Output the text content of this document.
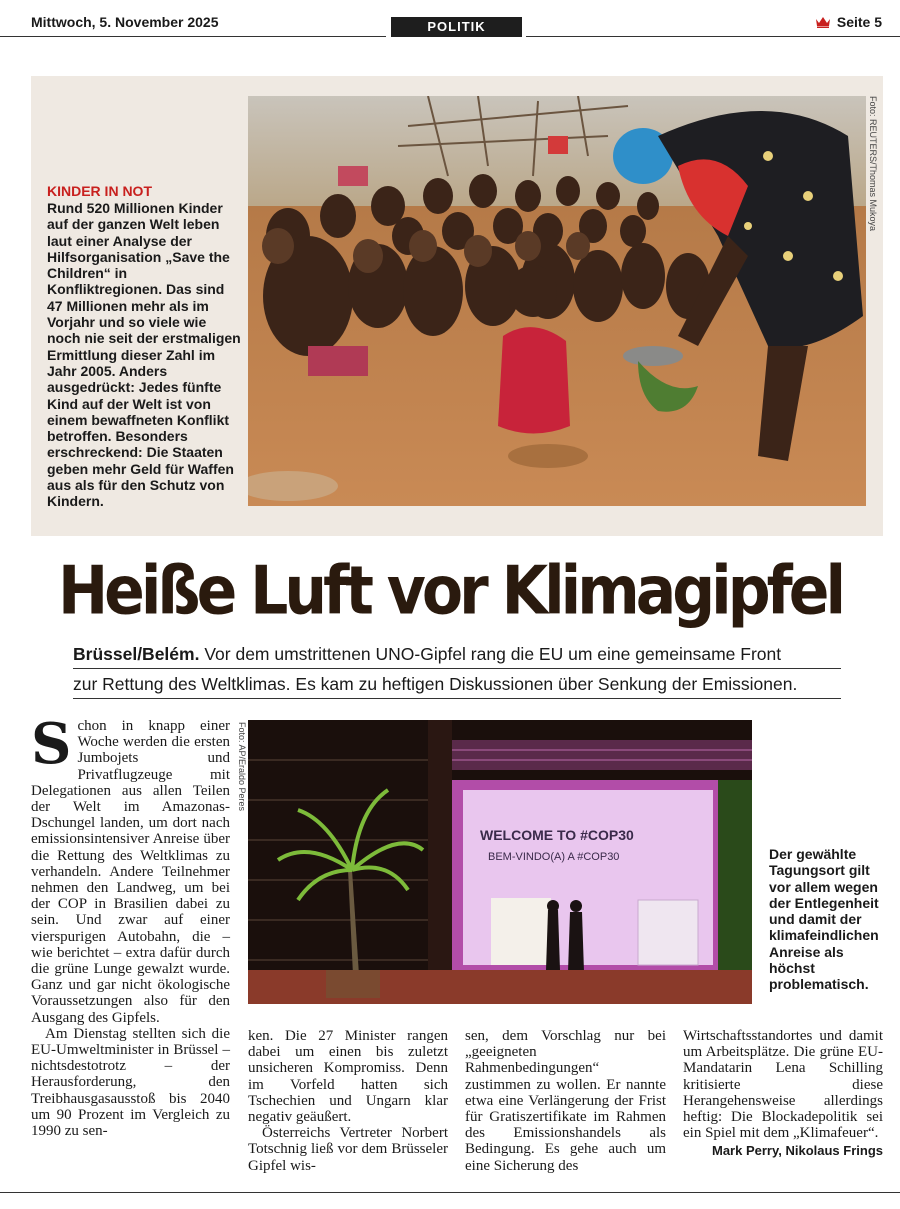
Mittwoch, 5. November 2025	POLITIK	Seite 5
KINDER IN NOT
Rund 520 Millionen Kinder auf der ganzen Welt leben laut einer Analyse der Hilfsorganisation „Save the Children“ in Konfliktregionen. Das sind 47 Millionen mehr als im Vorjahr und so viele wie noch nie seit der erstmaligen Ermittlung dieser Zahl im Jahr 2005. Anders ausgedrückt: Jedes fünfte Kind auf der Welt ist von einem bewaffneten Konflikt betroffen. Besonders erschreckend: Die Staaten geben mehr Geld für Waffen aus als für den Schutz von Kindern.
Foto: REUTERS/Thomas Mukoya
Heiße Luft vor Klimagipfel
Brüssel/Belém. Vor dem umstrittenen UNO-Gipfel rang die EU um eine gemeinsame Front
zur Rettung des Weltklimas. Es kam zu heftigen Diskussionen über Senkung der Emissionen.
S chon in knapp einer Woche werden die ersten Jumbojets und Privatflugzeuge mit Delegationen aus allen Teilen der Welt im Amazonas-Dschungel landen, um dort nach emissionsintensiver Anreise über die Rettung des Weltklimas zu verhandeln. Andere Teilnehmer nehmen den Landweg, um bei der COP in Brasilien dabei zu sein. Und zwar auf einer vierspurigen Autobahn, die – wie berichtet – extra dafür durch die grüne Lunge gewalzt wurde. Ganz und gar nicht ökologische Voraussetzungen also für den Ausgang des Gipfels.

Am Dienstag stellten sich die EU-Umweltminister in Brüssel – nichtsdestotrotz – der Herausforderung, den Treibhausgasausstoß bis 2040 um 90 Prozent im Vergleich zu 1990 zu sen-

WELCOME TO #COP30
BEM-VINDO(A) A #COP30
Foto: AP/Eraldo Peres
Der gewählte Tagungsort gilt vor allem wegen der Entlegenheit und damit der klimafeindlichen Anreise als höchst problematisch.

ken. Die 27 Minister rangen dabei um einen bis zuletzt unsicheren Kompromiss. Denn im Vorfeld hatten sich Tschechien und Ungarn klar negativ geäußert.

Österreichs Vertreter Norbert Totschnig ließ vor dem Brüsseler Gipfel wis-

sen, dem Vorschlag nur bei „geeigneten Rahmenbedingungen“ zustimmen zu wollen. Er nannte etwa eine Verlängerung der Frist für Gratiszertifikate im Rahmen des Emissionshandels als Bedingung. Es gehe auch um eine Sicherung des

Wirtschaftsstandortes und damit um Arbeitsplätze. Die grüne EU-Mandatarin Lena Schilling kritisierte diese Herangehensweise allerdings heftig: Die Blockadepolitik sei ein Spiel mit dem „Klimafeuer“.

Mark Perry, Nikolaus Frings
